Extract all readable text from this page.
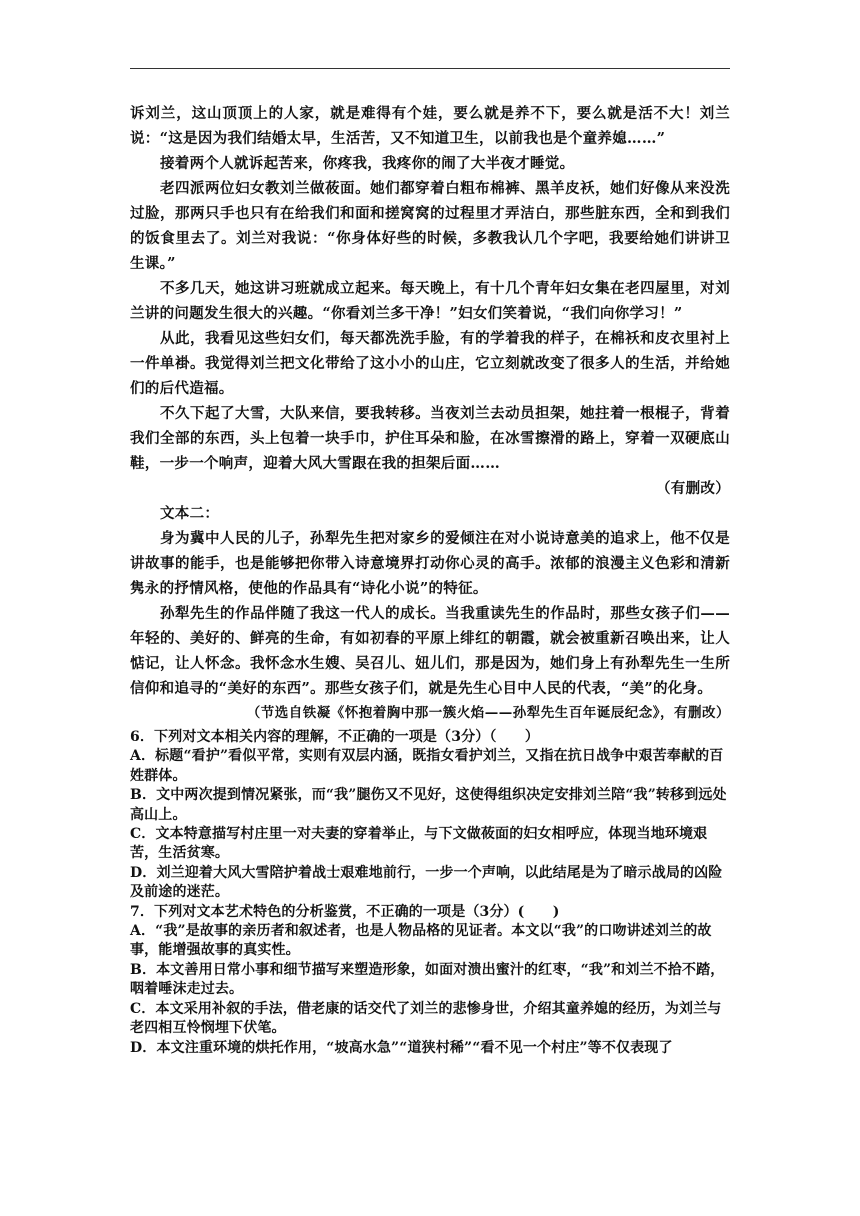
诉刘兰，这山顶顶上的人家，就是难得有个娃，要么就是养不下，要么就是活不大！刘兰说：“这是因为我们结婚太早，生活苦，又不知道卫生，以前我也是个童养媳……”

接着两个人就诉起苦来，你疼我，我疼你的闹了大半夜才睡觉。

老四派两位妇女教刘兰做莜面。她们都穿着白粗布棉裤、黑羊皮袄，她们好像从来没洗过脸，那两只手也只有在给我们和面和搓窝窝的过程里才弄洁白，那些脏东西，全和到我们的饭食里去了。刘兰对我说：“你身体好些的时候，多教我认几个字吧，我要给她们讲讲卫生课。”

不多几天，她这讲习班就成立起来。每天晚上，有十几个青年妇女集在老四屋里，对刘兰讲的问题发生很大的兴趣。“你看刘兰多干净！”妇女们笑着说，“我们向你学习！”

从此，我看见这些妇女们，每天都洗洗手脸，有的学着我的样子，在棉袄和皮衣里衬上一件单褂。我觉得刘兰把文化带给了这小小的山庄，它立刻就改变了很多人的生活，并给她们的后代造福。

不久下起了大雪，大队来信，要我转移。当夜刘兰去动员担架，她拄着一根棍子，背着我们全部的东西，头上包着一块手巾，护住耳朵和脸，在冰雪擦滑的路上，穿着一双硬底山鞋，一步一个响声，迎着大风大雪跟在我的担架后面……

（有删改）

文本二：

身为冀中人民的儿子，孙犁先生把对家乡的爱倾注在对小说诗意美的追求上，他不仅是讲故事的能手，也是能够把你带入诗意境界打动你心灵的高手。浓郁的浪漫主义色彩和清新隽永的抒情风格，使他的作品具有“诗化小说”的特征。

孙犁先生的作品伴随了我这一代人的成长。当我重读先生的作品时，那些女孩子们——年轻的、美好的、鲜亮的生命，有如初春的平原上绯红的朝霞，就会被重新召唤出来，让人惦记，让人怀念。我怀念水生嫂、吴召儿、妞儿们，那是因为，她们身上有孙犁先生一生所信仰和追寻的“美好的东西”。那些女孩子们，就是先生心目中人民的代表，“美”的化身。

（节选自铁凝《怀抱着胸中那一簇火焰——孙犁先生百年诞辰纪念》，有删改）

6．下列对文本相关内容的理解，不正确的一项是（3分）（　　）

A．标题“看护”看似平常，实则有双层内涵，既指女看护刘兰，又指在抗日战争中艰苦奉献的百姓群体。

B．文中两次提到情况紧张，而“我”腿伤又不见好，这使得组织决定安排刘兰陪“我”转移到远处高山上。

C．文本特意描写村庄里一对夫妻的穿着举止，与下文做莜面的妇女相呼应，体现当地环境艰苦，生活贫寒。

D．刘兰迎着大风大雪陪护着战士艰难地前行，一步一个声响，以此结尾是为了暗示战局的凶险及前途的迷茫。

7．下列对文本艺术特色的分析鉴赏，不正确的一项是（3分）(　　)

A．“我”是故事的亲历者和叙述者，也是人物品格的见证者。本文以“我”的口吻讲述刘兰的故事，能增强故事的真实性。

B．本文善用日常小事和细节描写来塑造形象，如面对溃出蜜汁的红枣，“我”和刘兰不拾不踏，咽着唾沫走过去。

C．本文采用补叙的手法，借老康的话交代了刘兰的悲惨身世，介绍其童养媳的经历，为刘兰与老四相互怜悯埋下伏笔。

D．本文注重环境的烘托作用，“坡高水急”“道狭村稀”“看不见一个村庄”等不仅表现了
